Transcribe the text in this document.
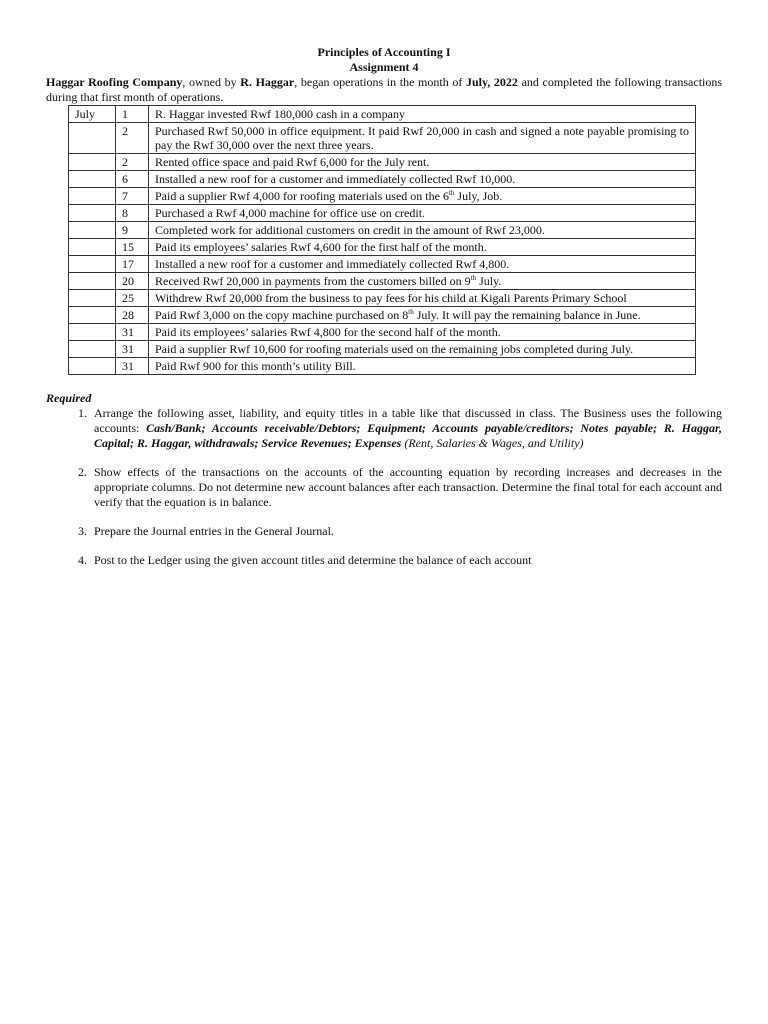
Principles of Accounting I
Assignment 4
Haggar Roofing Company, owned by R. Haggar, began operations in the month of July, 2022 and completed the following transactions during that first month of operations.
July	1	R. Haggar invested Rwf 180,000 cash in a company
	2	Purchased Rwf 50,000 in office equipment. It paid Rwf 20,000 in cash and signed a note payable promising to pay the Rwf 30,000 over the next three years.
	2	Rented office space and paid Rwf 6,000 for the July rent.
	6	Installed a new roof for a customer and immediately collected Rwf 10,000.
	7	Paid a supplier Rwf 4,000 for roofing materials used on the 6th July, Job.
	8	Purchased a Rwf 4,000 machine for office use on credit.
	9	Completed work for additional customers on credit in the amount of Rwf 23,000.
	15	Paid its employees’ salaries Rwf 4,600 for the first half of the month.
	17	Installed a new roof for a customer and immediately collected Rwf 4,800.
	20	Received Rwf 20,000 in payments from the customers billed on 9th July.
	25	Withdrew Rwf 20,000 from the business to pay fees for his child at Kigali Parents Primary School
	28	Paid Rwf 3,000 on the copy machine purchased on 8th July. It will pay the remaining balance in June.
	31	Paid its employees’ salaries Rwf 4,800 for the second half of the month.
	31	Paid a supplier Rwf 10,600 for roofing materials used on the remaining jobs completed during July.
	31	Paid Rwf 900 for this month’s utility Bill.
Required
1. Arrange the following asset, liability, and equity titles in a table like that discussed in class. The Business uses the following accounts: Cash/Bank; Accounts receivable/Debtors; Equipment; Accounts payable/creditors; Notes payable; R. Haggar, Capital; R. Haggar, withdrawals; Service Revenues; Expenses (Rent, Salaries & Wages, and Utility)
2. Show effects of the transactions on the accounts of the accounting equation by recording increases and decreases in the appropriate columns. Do not determine new account balances after each transaction. Determine the final total for each account and verify that the equation is in balance.
3. Prepare the Journal entries in the General Journal.
4. Post to the Ledger using the given account titles and determine the balance of each account
